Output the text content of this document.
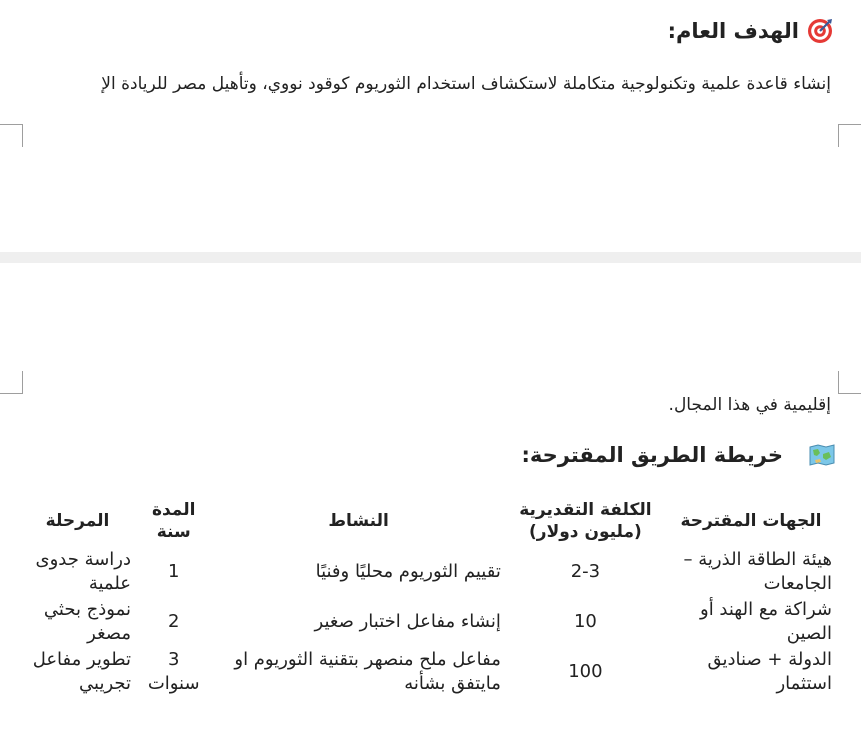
الهدف العام:
إنشاء قاعدة علمية وتكنولوجية متكاملة لاستكشاف استخدام الثوريوم كوقود نووي، وتأهيل مصر للريادة الإ
إقليمية في هذا المجال.
خريطة الطريق المقترحة:
الجهات المقترحة	الكلفة التقديرية (مليون دولار)	النشاط	المدة سنة	المرحلة
هيئة الطاقة الذرية – الجامعات	2-3	تقييم الثوريوم محليًا وفنيًا	1	دراسة جدوى علمية
شراكة مع الهند أو الصين	10	إنشاء مفاعل اختبار صغير	2	نموذج بحثي مصغر
الدولة + صناديق استثمار	100	مفاعل ملح منصهر بتقنية الثوريوم او مايتفق بشأنه	3 سنوات	تطوير مفاعل تجريبي
